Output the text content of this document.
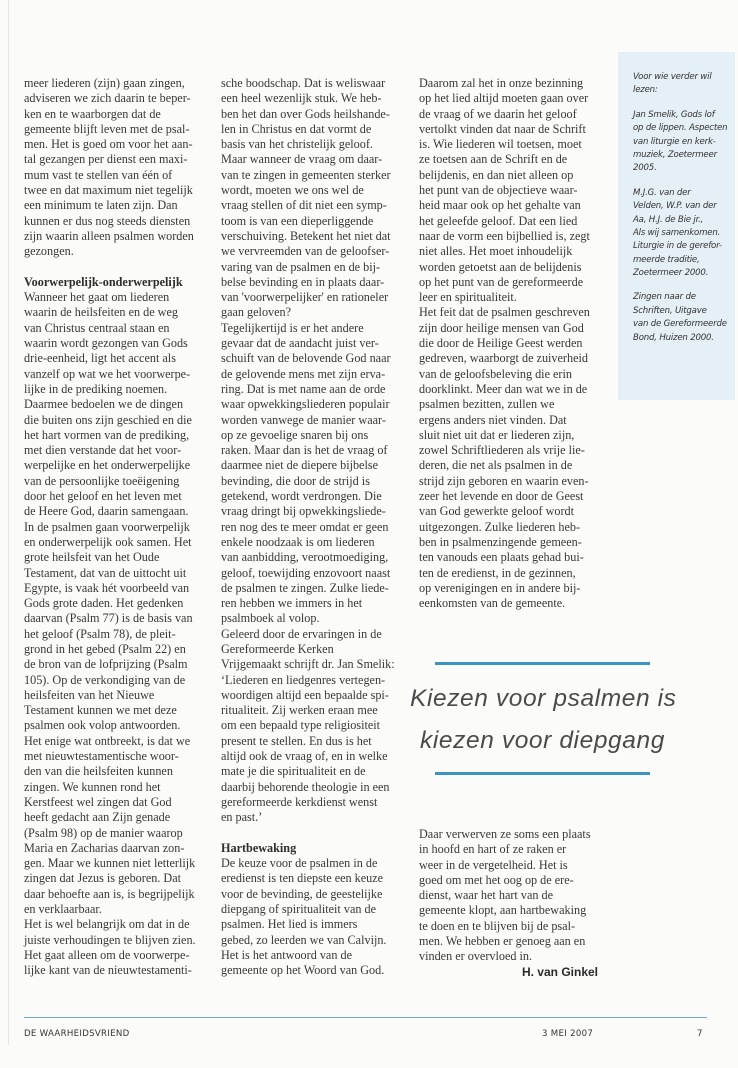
meer liederen (zijn) gaan zingen,
adviseren we zich daarin te beper-
ken en te waarborgen dat de
gemeente blijft leven met de psal-
men. Het is goed om voor het aan-
tal gezangen per dienst een maxi-
mum vast te stellen van één of
twee en dat maximum niet tegelijk
een minimum te laten zijn. Dan
kunnen er dus nog steeds diensten
zijn waarin alleen psalmen worden
gezongen.
Voorwerpelijk-onderwerpelijk
Wanneer het gaat om liederen
waarin de heilsfeiten en de weg
van Christus centraal staan en
waarin wordt gezongen van Gods
drie-eenheid, ligt het accent als
vanzelf op wat we het voorwerpe-
lijke in de prediking noemen.
Daarmee bedoelen we de dingen
die buiten ons zijn geschied en die
het hart vormen van de prediking,
met dien verstande dat het voor-
werpelijke en het onderwerpelijke
van de persoonlijke toeëigening
door het geloof en het leven met
de Heere God, daarin samengaan.
In de psalmen gaan voorwerpelijk
en onderwerpelijk ook samen. Het
grote heilsfeit van het Oude
Testament, dat van de uittocht uit
Egypte, is vaak hét voorbeeld van
Gods grote daden. Het gedenken
daarvan (Psalm 77) is de basis van
het geloof (Psalm 78), de pleit-
grond in het gebed (Psalm 22) en
de bron van de lofprijzing (Psalm
105). Op de verkondiging van de
heilsfeiten van het Nieuwe
Testament kunnen we met deze
psalmen ook volop antwoorden.
Het enige wat ontbreekt, is dat we
met nieuwtestamentische woor-
den van die heilsfeiten kunnen
zingen. We kunnen rond het
Kerstfeest wel zingen dat God
heeft gedacht aan Zijn genade
(Psalm 98) op de manier waarop
Maria en Zacharias daarvan zon-
gen. Maar we kunnen niet letterlijk
zingen dat Jezus is geboren. Dat
daar behoefte aan is, is begrijpelijk
en verklaarbaar.
Het is wel belangrijk om dat in de
juiste verhoudingen te blijven zien.
Het gaat alleen om de voorwerpe-
lijke kant van de nieuwtestamenti-
sche boodschap. Dat is weliswaar
een heel wezenlijk stuk. We heb-
ben het dan over Gods heilshande-
len in Christus en dat vormt de
basis van het christelijk geloof.
Maar wanneer de vraag om daar-
van te zingen in gemeenten sterker
wordt, moeten we ons wel de
vraag stellen of dit niet een symp-
toom is van een dieperliggende
verschuiving. Betekent het niet dat
we vervreemden van de geloofser-
varing van de psalmen en de bij-
belse bevinding en in plaats daar-
van 'voorwerpelijker' en rationeler
gaan geloven?
Tegelijkertijd is er het andere
gevaar dat de aandacht juist ver-
schuift van de belovende God naar
de gelovende mens met zijn erva-
ring. Dat is met name aan de orde
waar opwekkingsliederen populair
worden vanwege de manier waar-
op ze gevoelige snaren bij ons
raken. Maar dan is het de vraag of
daarmee niet de diepere bijbelse
bevinding, die door de strijd is
getekend, wordt verdrongen. Die
vraag dringt bij opwekkingsliede-
ren nog des te meer omdat er geen
enkele noodzaak is om liederen
van aanbidding, verootmoediging,
geloof, toewijding enzovoort naast
de psalmen te zingen. Zulke liede-
ren hebben we immers in het
psalmboek al volop.
Geleerd door de ervaringen in de
Gereformeerde Kerken
Vrijgemaakt schrijft dr. Jan Smelik:
‘Liederen en liedgenres vertegen-
woordigen altijd een bepaalde spi-
ritualiteit. Zij werken eraan mee
om een bepaald type religiositeit
present te stellen. En dus is het
altijd ook de vraag of, en in welke
mate je die spiritualiteit en de
daarbij behorende theologie in een
gereformeerde kerkdienst wenst
en past.’
Hartbewaking
De keuze voor de psalmen in de
eredienst is ten diepste een keuze
voor de bevinding, de geestelijke
diepgang of spiritualiteit van de
psalmen. Het lied is immers
gebed, zo leerden we van Calvijn.
Het is het antwoord van de
gemeente op het Woord van God.
Daarom zal het in onze bezinning
op het lied altijd moeten gaan over
de vraag of we daarin het geloof
vertolkt vinden dat naar de Schrift
is. Wie liederen wil toetsen, moet
ze toetsen aan de Schrift en de
belijdenis, en dan niet alleen op
het punt van de objectieve waar-
heid maar ook op het gehalte van
het geleefde geloof. Dat een lied
naar de vorm een bijbellied is, zegt
niet alles. Het moet inhoudelijk
worden getoetst aan de belijdenis
op het punt van de gereformeerde
leer en spiritualiteit.
Het feit dat de psalmen geschreven
zijn door heilige mensen van God
die door de Heilige Geest werden
gedreven, waarborgt de zuiverheid
van de geloofsbeleving die erin
doorklinkt. Meer dan wat we in de
psalmen bezitten, zullen we
ergens anders niet vinden. Dat
sluit niet uit dat er liederen zijn,
zowel Schriftliederen als vrije lie-
deren, die net als psalmen in de
strijd zijn geboren en waarin even-
zeer het levende en door de Geest
van God gewerkte geloof wordt
uitgezongen. Zulke liederen heb-
ben in psalmenzingende gemeen-
ten vanouds een plaats gehad bui-
ten de eredienst, in de gezinnen,
op verenigingen en in andere bij-
eenkomsten van de gemeente.
Kiezen voor psalmen is
kiezen voor diepgang
Daar verwerven ze soms een plaats
in hoofd en hart of ze raken er
weer in de vergetelheid. Het is
goed om met het oog op de ere-
dienst, waar het hart van de
gemeente klopt, aan hartbewaking
te doen en te blijven bij de psal-
men. We hebben er genoeg aan en
vinden er overvloed in.
H. van Ginkel
Voor wie verder wil
lezen:
Jan Smelik, Gods lof
op de lippen. Aspecten
van liturgie en kerk-
muziek, Zoetermeer
2005.
M.J.G. van der
Velden, W.P. van der
Aa, H.J. de Bie jr.,
Als wij samenkomen.
Liturgie in de gerefor-
meerde traditie,
Zoetermeer 2000.
Zingen naar de
Schriften, Uitgave
van de Gereformeerde
Bond, Huizen 2000.
DE WAARHEIDSVRIEND	3 MEI 2007	7
